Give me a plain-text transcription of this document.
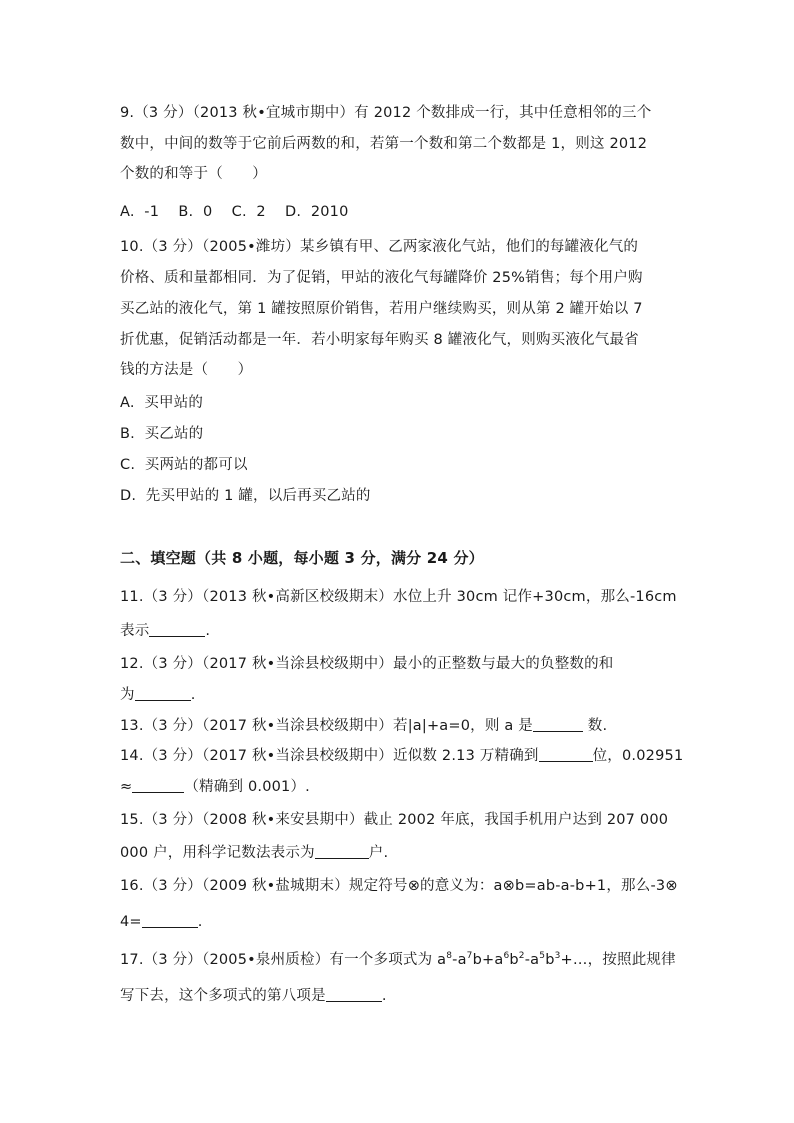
9.（3 分）（2013 秋•宜城市期中）有 2012 个数排成一行，其中任意相邻的三个
数中，中间的数等于它前后两数的和，若第一个数和第二个数都是 1，则这 2012
个数的和等于（　　）
A.  -1    B.  0    C.  2    D.  2010
10.（3 分）（2005•潍坊）某乡镇有甲、乙两家液化气站，他们的每罐液化气的
价格、质和量都相同．为了促销，甲站的液化气每罐降价 25%销售；每个用户购
买乙站的液化气，第 1 罐按照原价销售，若用户继续购买，则从第 2 罐开始以 7
折优惠，促销活动都是一年．若小明家每年购买 8 罐液化气，则购买液化气最省
钱的方法是（　　）
A.  买甲站的
B.  买乙站的
C.  买两站的都可以
D.  先买甲站的 1 罐，以后再买乙站的
二、填空题（共 8 小题，每小题 3 分，满分 24 分）
11.（3 分）（2013 秋•高新区校级期末）水位上升 30cm 记作+30cm，那么-16cm
表示	.
12.（3 分）（2017 秋•当涂县校级期中）最小的正整数与最大的负整数的和
为	.
13.（3 分）（2017 秋•当涂县校级期中）若|a|+a=0，则 a 是	数.
14.（3 分）（2017 秋•当涂县校级期中）近似数 2.13 万精确到	位，0.02951
≈	（精确到 0.001）.
15.（3 分）（2008 秋•来安县期中）截止 2002 年底，我国手机用户达到 207 000
000 户，用科学记数法表示为	户.
16.（3 分）（2009 秋•盐城期末）规定符号⊗的意义为：a⊗b=ab-a-b+1，那么-3⊗
4=	.
17.（3 分）（2005•泉州质检）有一个多项式为 $a^8-a^7b+a^6b^2-a^5b^3+\dots$，按照此规律
写下去，这个多项式的第八项是	.
